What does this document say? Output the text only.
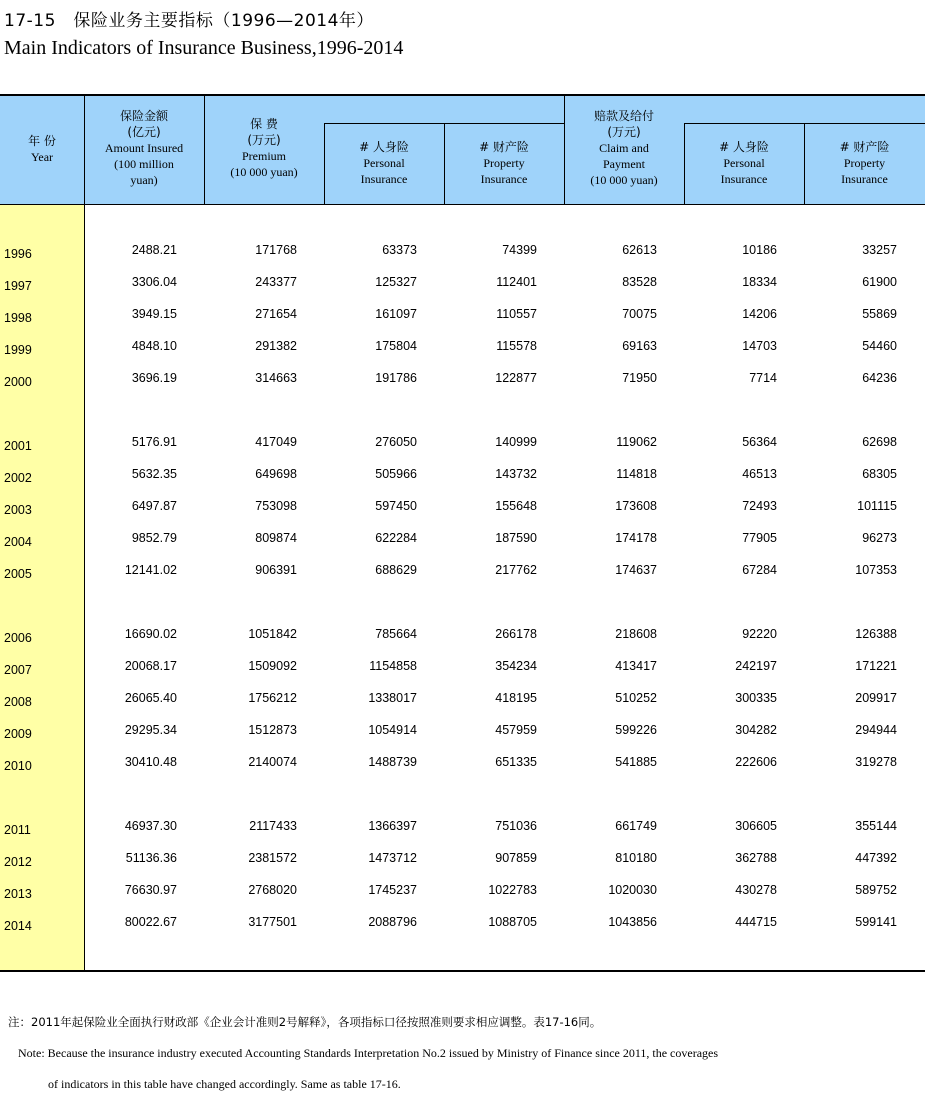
17-15　保险业务主要指标（1996—2014年）
Main Indicators of Insurance Business,1996-2014
年 份
Year
保险金额
(亿元)
Amount Insured
(100 million
yuan)
保 费
(万元)
Premium
(10 000 yuan)
# 人身险
Personal
Insurance
# 财产险
Property
Insurance
赔款及给付
(万元)
Claim and
Payment
(10 000 yuan)
# 人身险
Personal
Insurance
# 财产险
Property
Insurance
1996	2488.21	171768	63373	74399	62613	10186	33257
1997	3306.04	243377	125327	112401	83528	18334	61900
1998	3949.15	271654	161097	110557	70075	14206	55869
1999	4848.10	291382	175804	115578	69163	14703	54460
2000	3696.19	314663	191786	122877	71950	7714	64236
2001	5176.91	417049	276050	140999	119062	56364	62698
2002	5632.35	649698	505966	143732	114818	46513	68305
2003	6497.87	753098	597450	155648	173608	72493	101115
2004	9852.79	809874	622284	187590	174178	77905	96273
2005	12141.02	906391	688629	217762	174637	67284	107353
2006	16690.02	1051842	785664	266178	218608	92220	126388
2007	20068.17	1509092	1154858	354234	413417	242197	171221
2008	26065.40	1756212	1338017	418195	510252	300335	209917
2009	29295.34	1512873	1054914	457959	599226	304282	294944
2010	30410.48	2140074	1488739	651335	541885	222606	319278
2011	46937.30	2117433	1366397	751036	661749	306605	355144
2012	51136.36	2381572	1473712	907859	810180	362788	447392
2013	76630.97	2768020	1745237	1022783	1020030	430278	589752
2014	80022.67	3177501	2088796	1088705	1043856	444715	599141
注：2011年起保险业全面执行财政部《企业会计准则2号解释》，各项指标口径按照准则要求相应调整。表17-16同。
Note: Because the insurance industry executed Accounting Standards Interpretation No.2 issued by Ministry of Finance since 2011, the coverages
of indicators in this table have changed accordingly. Same as table 17-16.
